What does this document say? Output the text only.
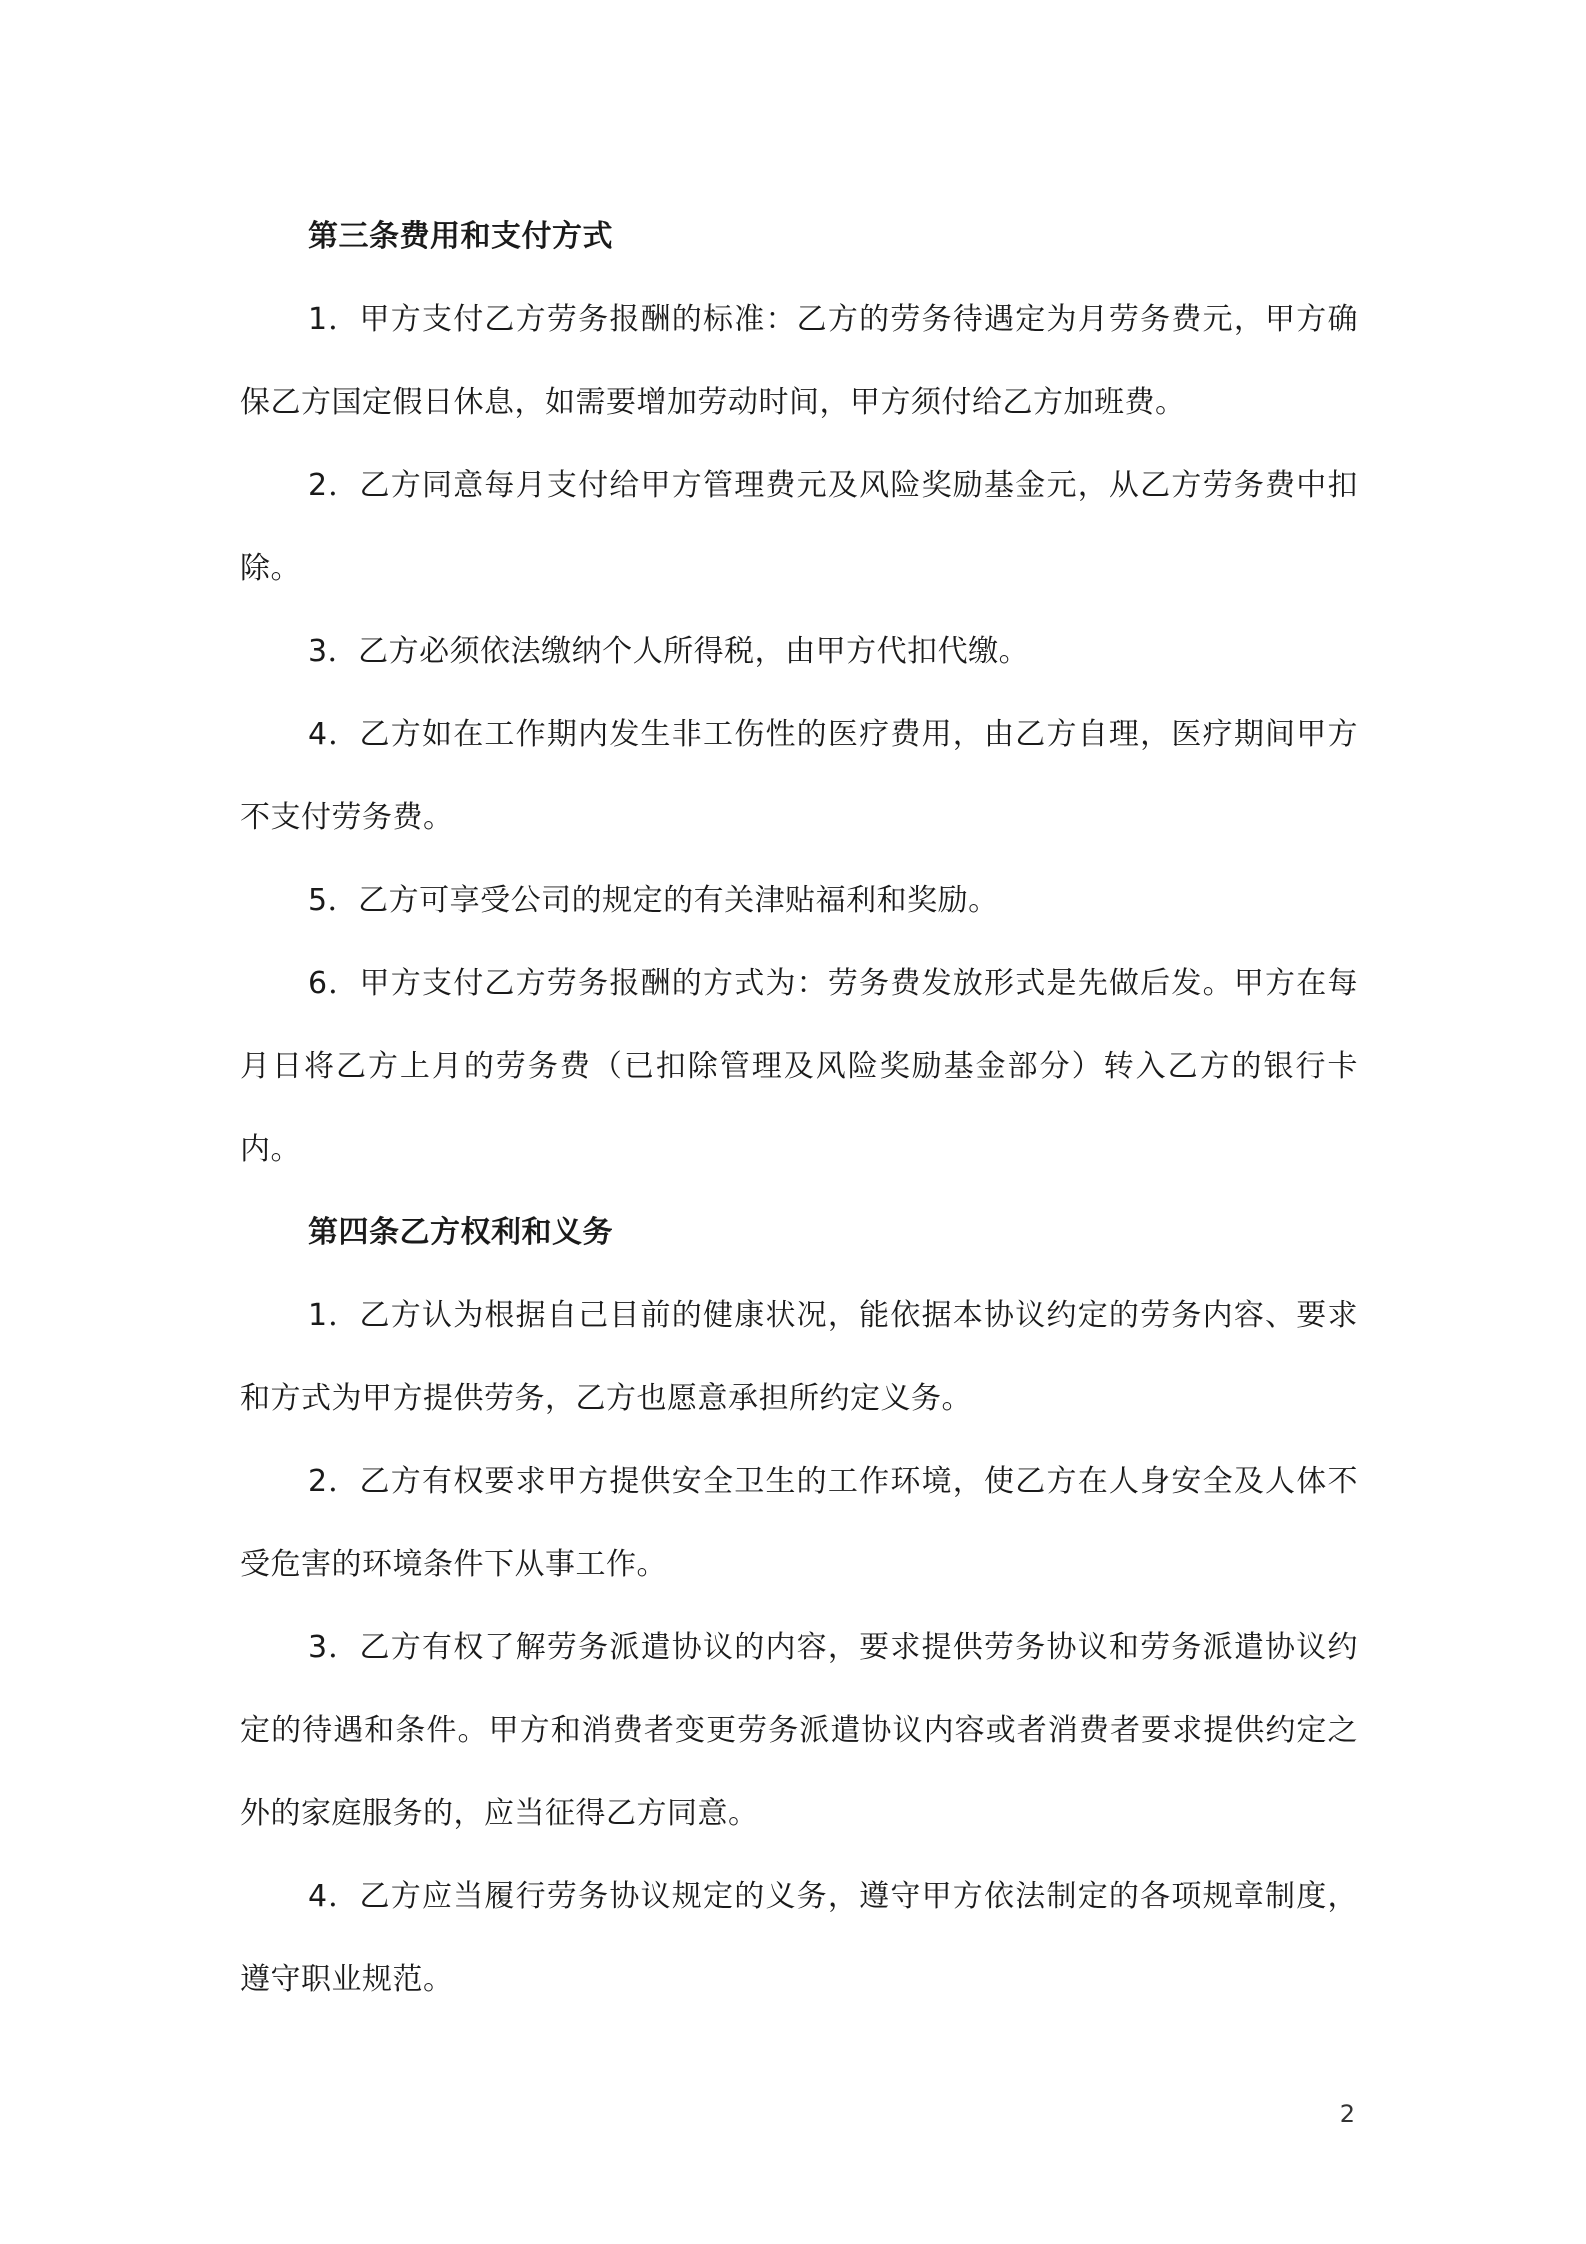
第三条费用和支付方式

1．甲方支付乙方劳务报酬的标准：乙方的劳务待遇定为月劳务费元，甲方确保乙方国定假日休息，如需要增加劳动时间，甲方须付给乙方加班费。

2．乙方同意每月支付给甲方管理费元及风险奖励基金元，从乙方劳务费中扣除。

3．乙方必须依法缴纳个人所得税，由甲方代扣代缴。

4．乙方如在工作期内发生非工伤性的医疗费用，由乙方自理，医疗期间甲方不支付劳务费。

5．乙方可享受公司的规定的有关津贴福利和奖励。

6．甲方支付乙方劳务报酬的方式为：劳务费发放形式是先做后发。甲方在每月日将乙方上月的劳务费（已扣除管理及风险奖励基金部分）转入乙方的银行卡内。

第四条乙方权利和义务

1．乙方认为根据自己目前的健康状况，能依据本协议约定的劳务内容、要求和方式为甲方提供劳务，乙方也愿意承担所约定义务。

2．乙方有权要求甲方提供安全卫生的工作环境，使乙方在人身安全及人体不受危害的环境条件下从事工作。

3．乙方有权了解劳务派遣协议的内容，要求提供劳务协议和劳务派遣协议约定的待遇和条件。甲方和消费者变更劳务派遣协议内容或者消费者要求提供约定之外的家庭服务的，应当征得乙方同意。

4．乙方应当履行劳务协议规定的义务，遵守甲方依法制定的各项规章制度，遵守职业规范。

2
